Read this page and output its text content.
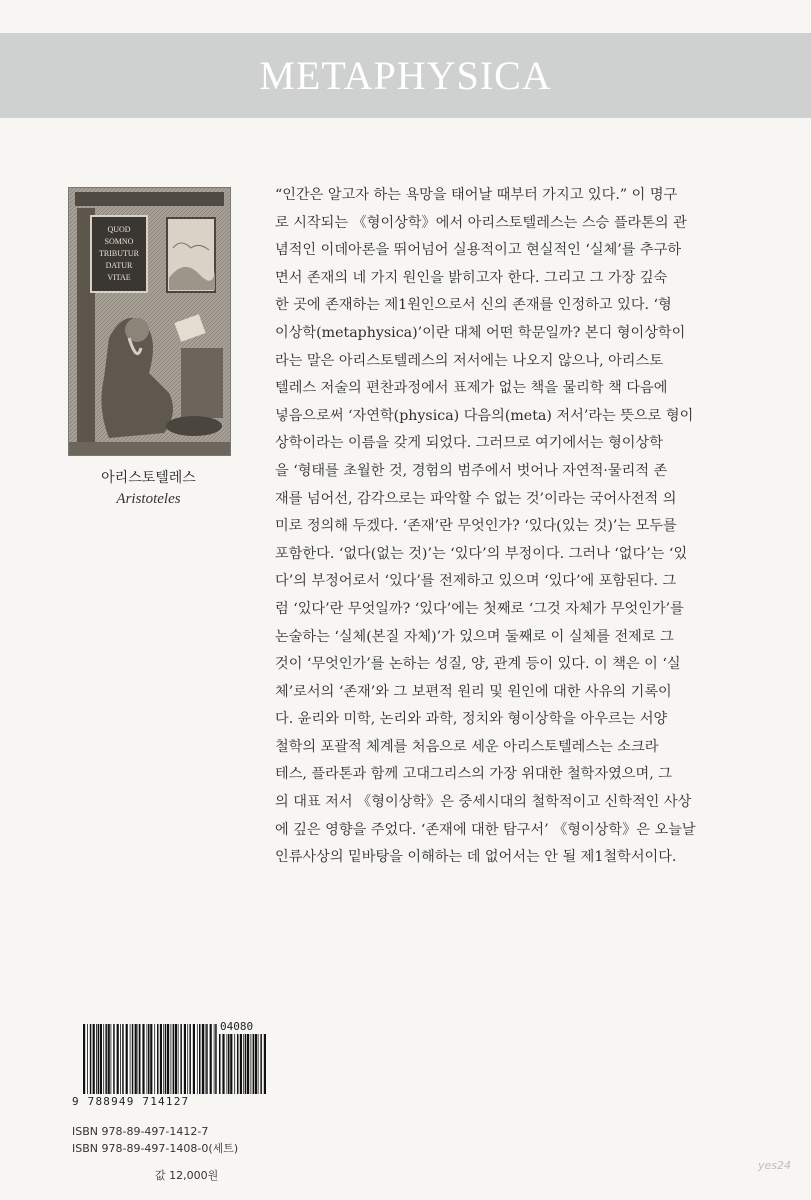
METAPHYSICA
QUOD
SOMNO
TRIBUTUR
DATUR
VITAE
아리스토텔레스
Aristoteles

“인간은 알고자 하는 욕망을 태어날 때부터 가지고 있다.” 이 명구
로 시작되는 《형이상학》에서 아리스토텔레스는 스승 플라톤의 관
념적인 이데아론을 뛰어넘어 실용적이고 현실적인 ‘실체’를 추구하
면서 존재의 네 가지 원인을 밝히고자 한다. 그리고 그 가장 깊숙
한 곳에 존재하는 제1원인으로서 신의 존재를 인정하고 있다. ‘형
이상학(metaphysica)’이란 대체 어떤 학문일까? 본디 형이상학이
라는 말은 아리스토텔레스의 저서에는 나오지 않으나, 아리스토
텔레스 저술의 편찬과정에서 표제가 없는 책을 물리학 책 다음에
넣음으로써 ‘자연학(physica) 다음의(meta) 저서’라는 뜻으로 형이
상학이라는 이름을 갖게 되었다. 그러므로 여기에서는 형이상학
을 ‘형태를 초월한 것, 경험의 범주에서 벗어나 자연적·물리적 존
재를 넘어선, 감각으로는 파악할 수 없는 것’이라는 국어사전적 의
미로 정의해 두겠다. ‘존재’란 무엇인가? ‘있다(있는 것)’는 모두를
포함한다. ‘없다(없는 것)’는 ‘있다’의 부정이다. 그러나 ‘없다’는 ‘있
다’의 부정어로서 ‘있다’를 전제하고 있으며 ‘있다’에 포함된다. 그
럼 ‘있다’란 무엇일까? ‘있다’에는 첫째로 ‘그것 자체가 무엇인가’를
논술하는 ‘실체(본질 자체)’가 있으며 둘째로 이 실체를 전제로 그
것이 ‘무엇인가’를 논하는 성질, 양, 관계 등이 있다. 이 책은 이 ‘실
체’로서의 ‘존재’와 그 보편적 원리 및 원인에 대한 사유의 기록이
다. 윤리와 미학, 논리와 과학, 정치와 형이상학을 아우르는 서양
철학의 포괄적 체계를 처음으로 세운 아리스토텔레스는 소크라
테스, 플라톤과 함께 고대그리스의 가장 위대한 철학자였으며, 그
의 대표 저서 《형이상학》은 중세시대의 철학적이고 신학적인 사상
에 깊은 영향을 주었다. ‘존재에 대한 탐구서’ 《형이상학》은 오늘날
인류사상의 밑바탕을 이해하는 데 없어서는 안 될 제1철학서이다.

04080
9 788949 714127
ISBN 978-89-497-1412-7
ISBN 978-89-497-1408-0(세트)
값 12,000원
yes24
